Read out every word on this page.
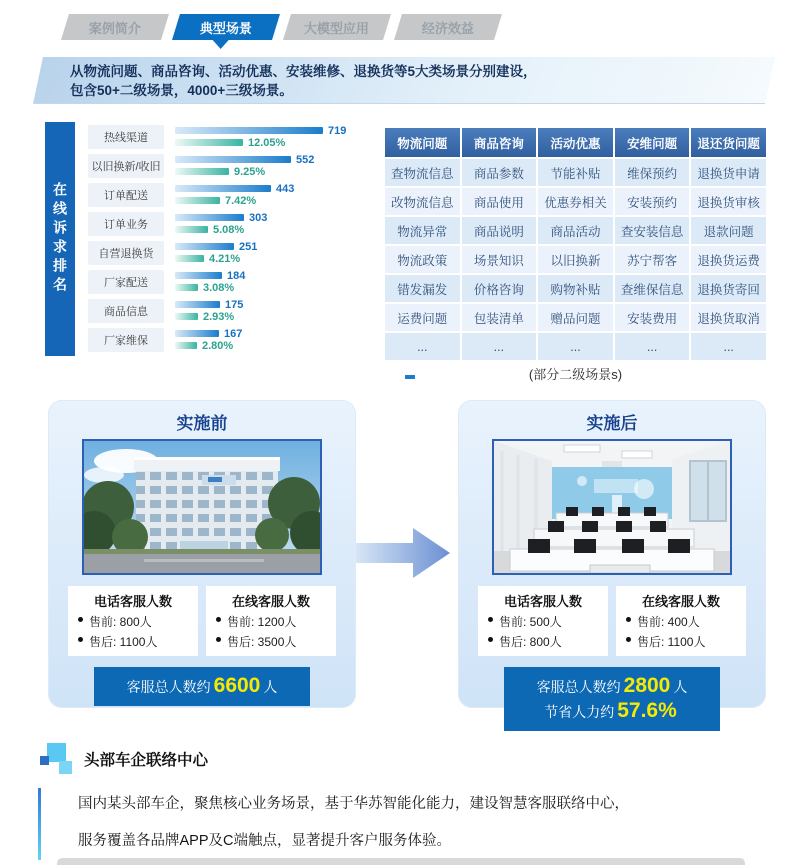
案例简介	典型场景	大模型应用	经济效益
从物流问题、商品咨询、活动优惠、安装维修、退换货等5大类场景分别建设，
包含50+二级场景，4000+三级场景。
在线诉求排名
热线渠道
719
12.05%
以旧换新/收旧
552
9.25%
订单配送
443
7.42%
订单业务
303
5.08%
自营退换货
251
4.21%
厂家配送
184
3.08%
商品信息
175
2.93%
厂家维保
167
2.80%
物流问题	商品咨询	活动优惠	安维问题	退还货问题
查物流信息	商品参数	节能补贴	维保预约	退换货申请
改物流信息	商品使用	优惠券相关	安装预约	退换货审核
物流异常	商品说明	商品活动	查安装信息	退款问题
物流政策	场景知识	以旧换新	苏宁帮客	退换货运费
错发漏发	价格咨询	购物补贴	查维保信息	退换货寄回
运费问题	包装清单	赠品问题	安装费用	退换货取消
...	...	...	...	...
(部分二级场景s)
实施前
电话客服人数
售前: 800人
售后: 1100人
在线客服人数
售前: 1200人
售后: 3500人
客服总人数约 6600 人
实施后
电话客服人数
售前: 500人
售后: 800人
在线客服人数
售前: 400人
售后: 1100人
客服总人数约 2800 人
节省人力约 57.6%
头部车企联络中心
国内某头部车企，聚焦核心业务场景，基于华苏智能化能力，建设智慧客服联络中心，
服务覆盖各品牌APP及C端触点，显著提升客户服务体验。
